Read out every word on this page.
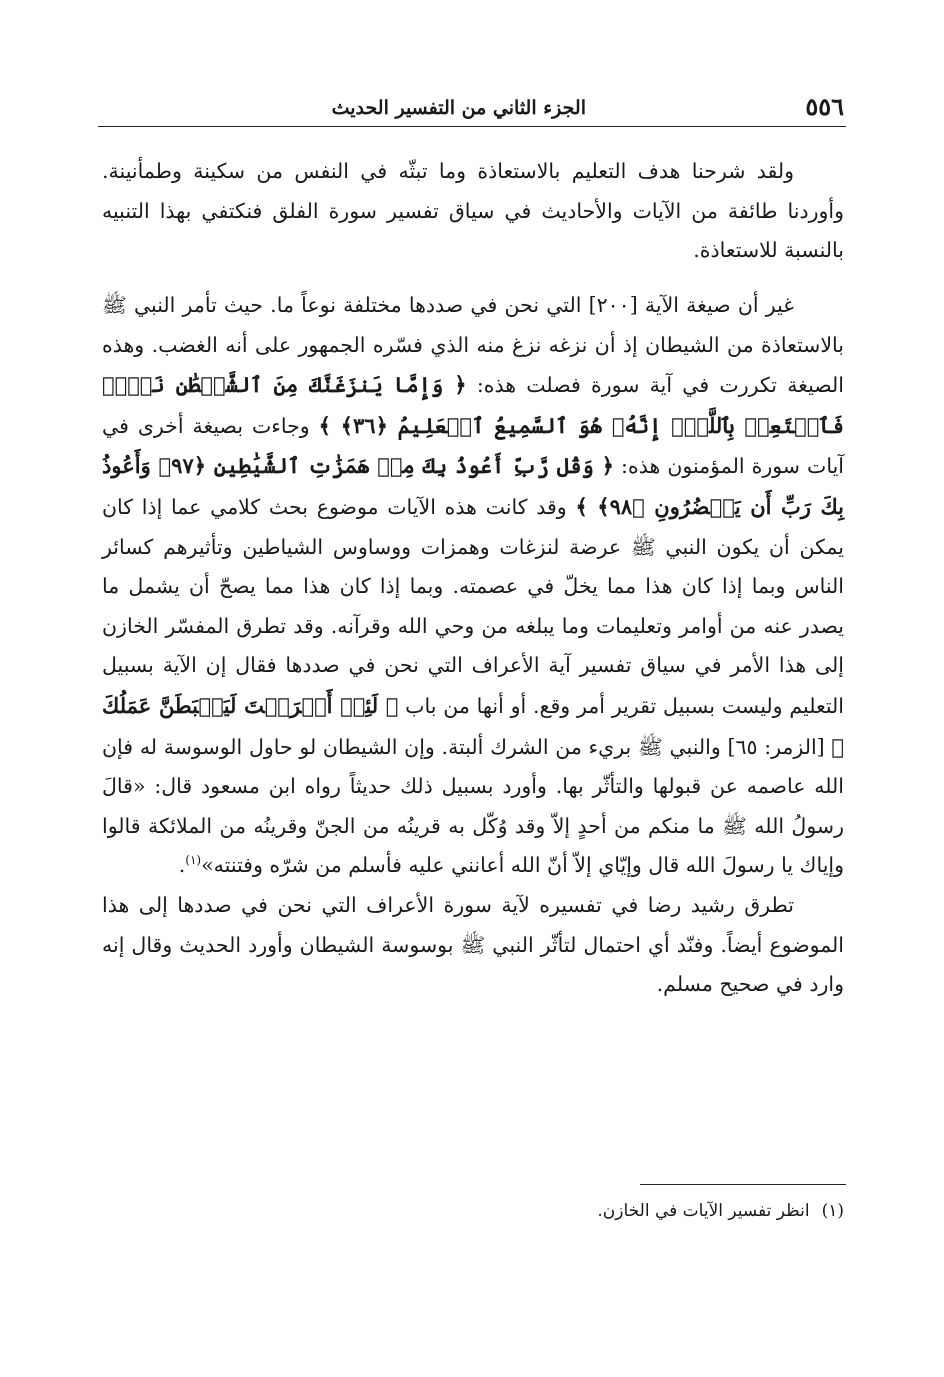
٥٥٦
الجزء الثاني من التفسير الحديث

ولقد شرحنا هدف التعليم بالاستعاذة وما تبثّه في النفس من سكينة وطمأنينة. وأوردنا طائفة من الآيات والأحاديث في سياق تفسير سورة الفلق فنكتفي بهذا التنبيه بالنسبة للاستعاذة.

غير أن صيغة الآية [٢٠٠] التي نحن في صددها مختلفة نوعاً ما. حيث تأمر النبي ﷺ بالاستعاذة من الشيطان إذ أن نزغه نزغ منه الذي فسّره الجمهور على أنه الغضب. وهذه الصيغة تكررت في آية سورة فصلت هذه: ﴿ وَإِمَّا يَنزَغَنَّكَ مِنَ ٱلشَّيۡطَٰنِ نَزۡغٞ فَٱسۡتَعِذۡ بِٱللَّهِۖ إِنَّهُۥ هُوَ ٱلسَّمِيعُ ٱلۡعَلِيمُ ﴿٣٦﴾ ﴾ وجاءت بصيغة أخرى في آيات سورة المؤمنون هذه: ﴿ وَقُل رَّبِّ أَعُوذُ بِكَ مِنۡ هَمَزَٰتِ ٱلشَّيَٰطِينِ ﴿٩٧﴾ وَأَعُوذُ بِكَ رَبِّ أَن يَحۡضُرُونِ ﴿٩٨﴾ ﴾ وقد كانت هذه الآيات موضوع بحث كلامي عما إذا كان يمكن أن يكون النبي ﷺ عرضة لنزغات وهمزات ووساوس الشياطين وتأثيرهم كسائر الناس وبما إذا كان هذا مما يخلّ في عصمته. وبما إذا كان هذا مما يصحّ أن يشمل ما يصدر عنه من أوامر وتعليمات وما يبلغه من وحي الله وقرآنه. وقد تطرق المفسّر الخازن إلى هذا الأمر في سياق تفسير آية الأعراف التي نحن في صددها فقال إن الآية بسبيل التعليم وليست بسبيل تقرير أمر وقع. أو أنها من باب ﴿ لَئِنۡ أَشۡرَكۡتَ لَيَحۡبَطَنَّ عَمَلُكَ ﴾ [الزمر: ٦٥] والنبي ﷺ بريء من الشرك ألبتة. وإن الشيطان لو حاول الوسوسة له فإن الله عاصمه عن قبولها والتأثّر بها. وأورد بسبيل ذلك حديثاً رواه ابن مسعود قال: «قالَ رسولُ الله ﷺ ما منكم من أحدٍ إلاّ وقد وُكّل به قرينُه من الجنّ وقرينُه من الملائكة قالوا وإياك يا رسولَ الله قال وإيّاي إلاّ أنّ الله أعانني عليه فأسلم من شرّه وفتنته»$^{(١)}$.

تطرق رشيد رضا في تفسيره لآية سورة الأعراف التي نحن في صددها إلى هذا الموضوع أيضاً. وفنّد أي احتمال لتأثّر النبي ﷺ بوسوسة الشيطان وأورد الحديث وقال إنه وارد في صحيح مسلم.

(١)انظر تفسير الآيات في الخازن.
